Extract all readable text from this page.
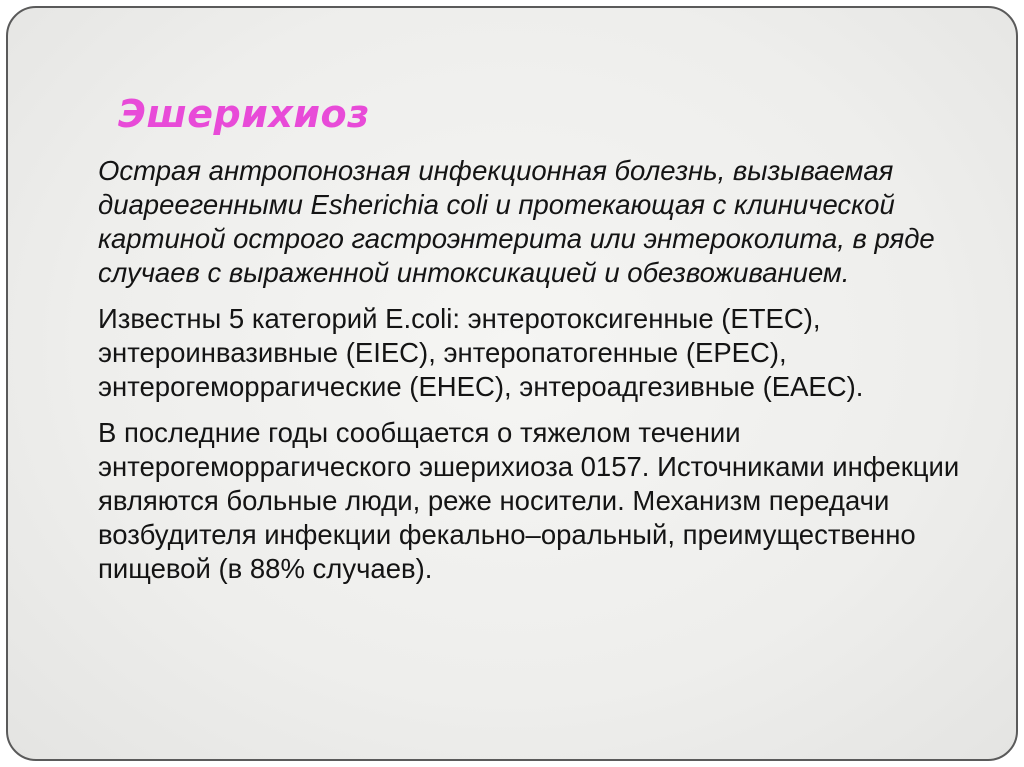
Эшерихиоз

Острая антропонозная инфекционная болезнь, вызываемая диареегенными Esherichia coli и протекающая с клинической картиной острого гастроэнтерита или энтероколита, в ряде случаев с выраженной интоксикацией и обезвоживанием.

Известны 5 категорий E.coli: энтеротоксигенные (ETEC), энтероинвазивные (EIEC), энтеропатогенные (EPEC), энтерогеморрагические (EHEC), энтероадгезивные (EAEC).

В последние годы сообщается о тяжелом течении энтерогеморрагического эшерихиоза 0157. Источниками инфекции являются больные люди, реже носители. Механизм передачи возбудителя инфекции фекально–оральный, преимущественно пищевой (в 88% случаев).
